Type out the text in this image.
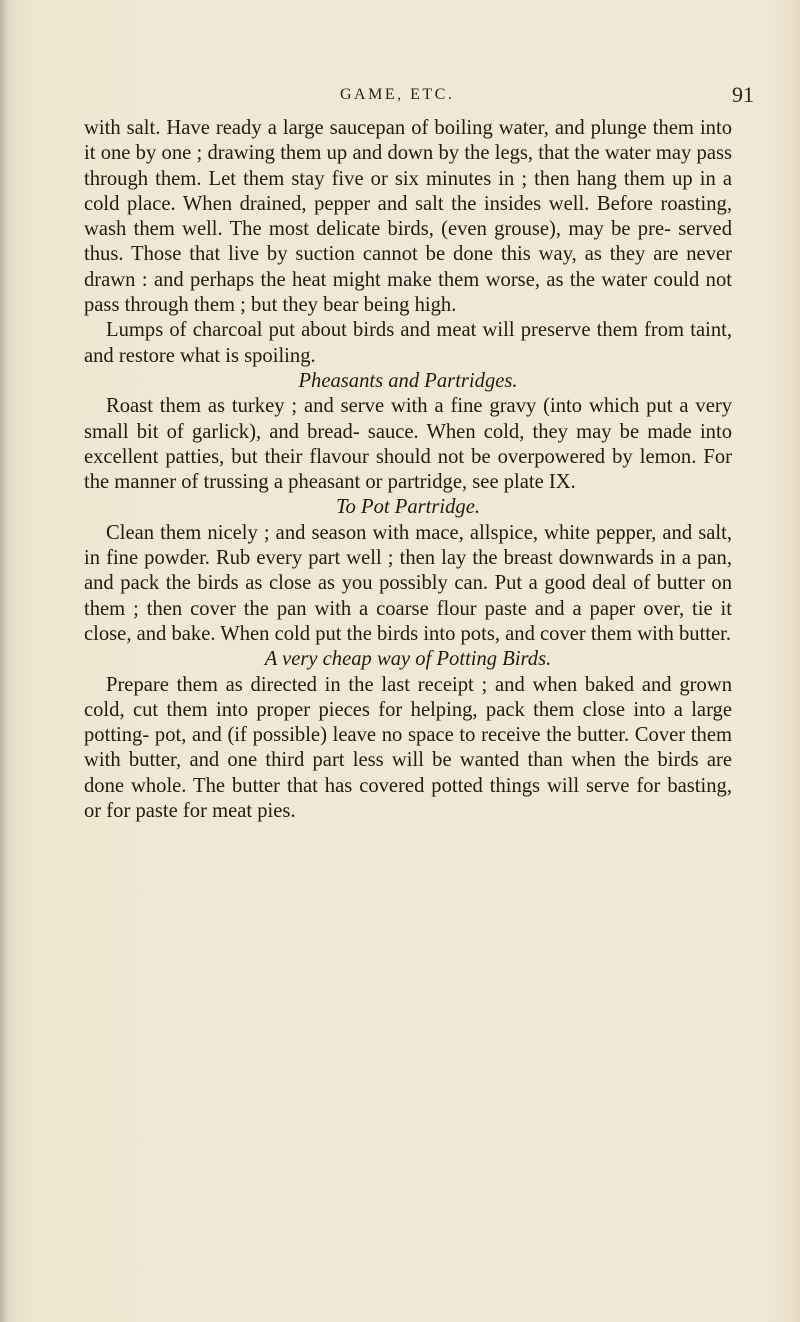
GAME, ETC.	91

with salt. Have ready a large saucepan of boiling water, and plunge them into it one by one ; drawing them up and down by the legs, that the water may pass through them. Let them stay five or six minutes in ; then hang them up in a cold place. When drained, pepper and salt the insides well. Before roasting, wash them well. The most delicate birds, (even grouse), may be pre- served thus. Those that live by suction cannot be done this way, as they are never drawn : and perhaps the heat might make them worse, as the water could not pass through them ; but they bear being high.

Lumps of charcoal put about birds and meat will preserve them from taint, and restore what is spoiling.

Pheasants and Partridges.

Roast them as turkey ; and serve with a fine gravy (into which put a very small bit of garlick), and bread- sauce. When cold, they may be made into excellent patties, but their flavour should not be overpowered by lemon. For the manner of trussing a pheasant or partridge, see plate IX.

To Pot Partridge.

Clean them nicely ; and season with mace, allspice, white pepper, and salt, in fine powder. Rub every part well ; then lay the breast downwards in a pan, and pack the birds as close as you possibly can. Put a good deal of butter on them ; then cover the pan with a coarse flour paste and a paper over, tie it close, and bake. When cold put the birds into pots, and cover them with butter.

A very cheap way of Potting Birds.

Prepare them as directed in the last receipt ; and when baked and grown cold, cut them into proper pieces for helping, pack them close into a large potting- pot, and (if possible) leave no space to receive the butter. Cover them with butter, and one third part less will be wanted than when the birds are done whole. The butter that has covered potted things will serve for basting, or for paste for meat pies.
